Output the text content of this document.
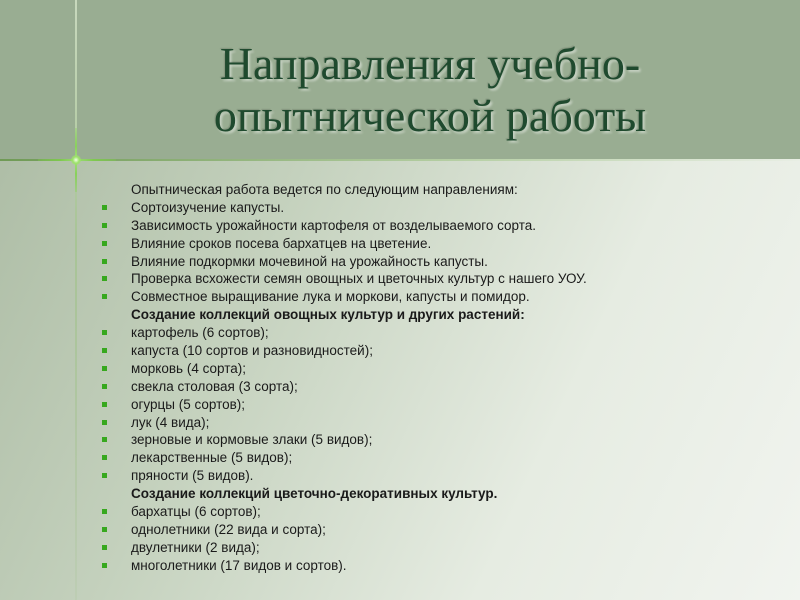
Направления учебно-
опытнической работы
Опытническая работа ведется по следующим направлениям:
Сортоизучение капусты.
Зависимость урожайности картофеля от возделываемого сорта.
Влияние сроков посева бархатцев на цветение.
Влияние подкормки мочевиной на урожайность капусты.
Проверка всхожести семян овощных и цветочных культур с нашего УОУ.
Совместное выращивание лука и моркови, капусты и помидор.
Создание коллекций овощных культур и других растений:
картофель (6 сортов);
капуста (10 сортов и разновидностей);
морковь (4 сорта);
свекла столовая (3 сорта);
огурцы (5 сортов);
лук (4 вида);
зерновые и кормовые злаки (5 видов);
лекарственные (5 видов);
пряности (5 видов).
Создание коллекций цветочно-декоративных культур.
бархатцы (6 сортов);
однолетники (22 вида и сорта);
двулетники (2 вида);
многолетники (17 видов и сортов).
